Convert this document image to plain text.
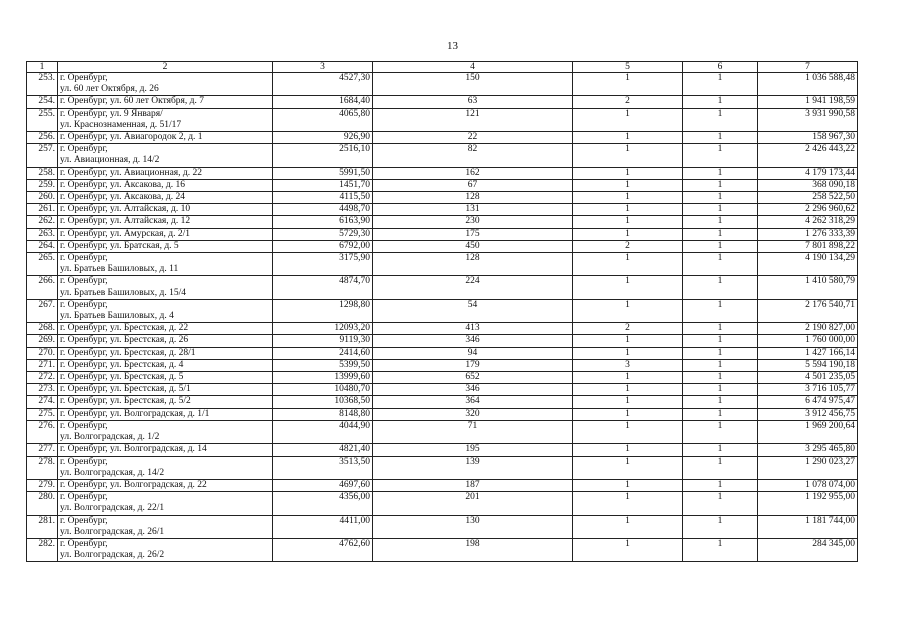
13
1	2	3	4	5	6	7
253.	г. Оренбург,
ул. 60 лет Октября, д. 26	4527,30	150	1	1	1 036 588,48
254.	г. Оренбург, ул. 60 лет Октября, д. 7	1684,40	63	2	1	1 941 198,59
255.	г. Оренбург, ул. 9 Января/
ул. Краснознаменная, д. 51/17	4065,80	121	1	1	3 931 990,58
256.	г. Оренбург, ул. Авиагородок 2, д. 1	926,90	22	1	1	158 967,30
257.	г. Оренбург,
ул. Авиационная, д. 14/2	2516,10	82	1	1	2 426 443,22
258.	г. Оренбург, ул. Авиационная, д. 22	5991,50	162	1	1	4 179 173,44
259.	г. Оренбург, ул. Аксакова, д. 16	1451,70	67	1	1	368 090,18
260.	г. Оренбург, ул. Аксакова, д. 24	4115,50	128	1	1	258 522,50
261.	г. Оренбург, ул. Алтайская, д. 10	4498,70	131	1	1	2 296 960,62
262.	г. Оренбург, ул. Алтайская, д. 12	6163,90	230	1	1	4 262 318,29
263.	г. Оренбург, ул. Амурская, д. 2/1	5729,30	175	1	1	1 276 333,39
264.	г. Оренбург, ул. Братская, д. 5	6792,00	450	2	1	7 801 898,22
265.	г. Оренбург,
ул. Братьев Башиловых, д. 11	3175,90	128	1	1	4 190 134,29
266.	г. Оренбург,
ул. Братьев Башиловых, д. 15/4	4874,70	224	1	1	1 410 580,79
267.	г. Оренбург,
ул. Братьев Башиловых, д. 4	1298,80	54	1	1	2 176 540,71
268.	г. Оренбург, ул. Брестская, д. 22	12093,20	413	2	1	2 190 827,00
269.	г. Оренбург, ул. Брестская, д. 26	9119,30	346	1	1	1 760 000,00
270.	г. Оренбург, ул. Брестская, д. 28/1	2414,60	94	1	1	1 427 166,14
271.	г. Оренбург, ул. Брестская, д. 4	5399,50	179	3	1	5 594 190,18
272.	г. Оренбург, ул. Брестская, д. 5	13999,60	652	1	1	4 501 235,05
273.	г. Оренбург, ул. Брестская, д. 5/1	10480,70	346	1	1	3 716 105,77
274.	г. Оренбург, ул. Брестская, д. 5/2	10368,50	364	1	1	6 474 975,47
275.	г. Оренбург, ул. Волгоградская, д. 1/1	8148,80	320	1	1	3 912 456,75
276.	г. Оренбург,
ул. Волгоградская, д. 1/2	4044,90	71	1	1	1 969 200,64
277.	г. Оренбург, ул. Волгоградская, д. 14	4821,40	195	1	1	3 295 465,80
278.	г. Оренбург,
ул. Волгоградская, д. 14/2	3513,50	139	1	1	1 290 023,27
279.	г. Оренбург, ул. Волгоградская, д. 22	4697,60	187	1	1	1 078 074,00
280.	г. Оренбург,
ул. Волгоградская, д. 22/1	4356,00	201	1	1	1 192 955,00
281.	г. Оренбург,
ул. Волгоградская, д. 26/1	4411,00	130	1	1	1 181 744,00
282.	г. Оренбург,
ул. Волгоградская, д. 26/2	4762,60	198	1	1	284 345,00
